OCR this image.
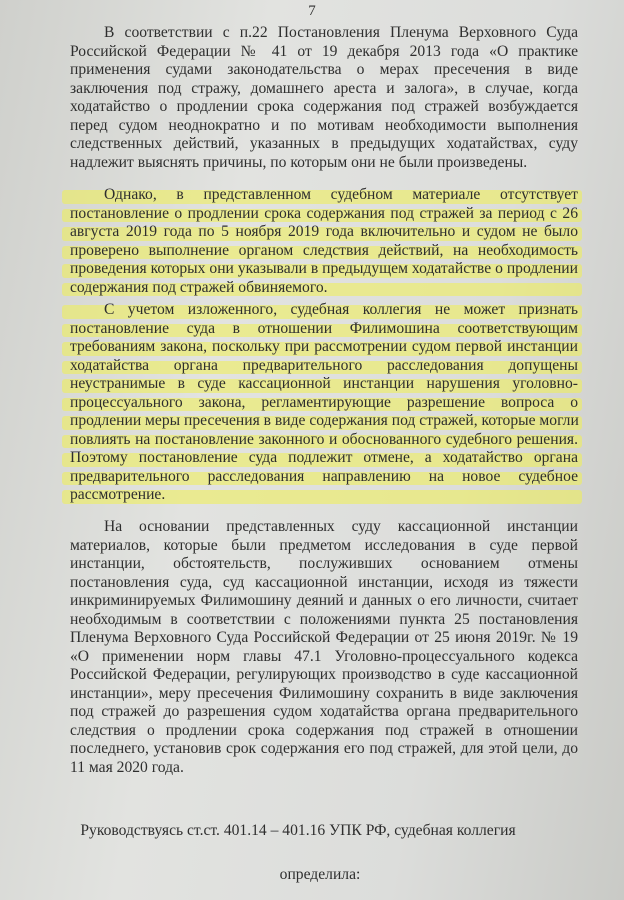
7
В соответствии с п.22 Постановления Пленума Верховного Суда
Российской Федерации № 41 от 19 декабря 2013 года «О практике
применения судами законодательства о мерах пресечения в виде
заключения под стражу, домашнего ареста и залога», в случае, когда
ходатайство о продлении срока содержания под стражей возбуждается
перед судом неоднократно и по мотивам необходимости выполнения
следственных действий, указанных в предыдущих ходатайствах, суду
надлежит выяснять причины, по которым они не были произведены.
Однако, в представленном судебном материале отсутствует
постановление о продлении срока содержания под стражей за период с 26
августа 2019 года по 5 ноября 2019 года включительно и судом не было
проверено выполнение органом следствия действий, на необходимость
проведения которых они указывали в предыдущем ходатайстве о продлении
содержания под стражей обвиняемого.
С учетом изложенного, судебная коллегия не может признать
постановление суда в отношении Филимошина соответствующим
требованиям закона, поскольку при рассмотрении судом первой инстанции
ходатайства органа предварительного расследования допущены
неустранимые в суде кассационной инстанции нарушения уголовно-
процессуального закона, регламентирующие разрешение вопроса о
продлении меры пресечения в виде содержания под стражей, которые могли
повлиять на постановление законного и обоснованного судебного решения.
Поэтому постановление суда подлежит отмене, а ходатайство органа
предварительного расследования направлению на новое судебное
рассмотрение.
На основании представленных суду кассационной инстанции
материалов, которые были предметом исследования в суде первой
инстанции, обстоятельств, послуживших основанием отмены
постановления суда, суд кассационной инстанции, исходя из тяжести
инкриминируемых Филимошину деяний и данных о его личности, считает
необходимым в соответствии с положениями пункта 25 постановления
Пленума Верховного Суда Российской Федерации от 25 июня 2019г. № 19
«О применении норм главы 47.1 Уголовно-процессуального кодекса
Российской Федерации, регулирующих производство в суде кассационной
инстанции», меру пресечения Филимошину сохранить в виде заключения
под стражей до разрешения судом ходатайства органа предварительного
следствия о продлении срока содержания под стражей в отношении
последнего, установив срок содержания его под стражей, для этой цели, до
11 мая 2020 года.
Руководствуясь ст.ст. 401.14 – 401.16 УПК РФ, судебная коллегия
определила:
